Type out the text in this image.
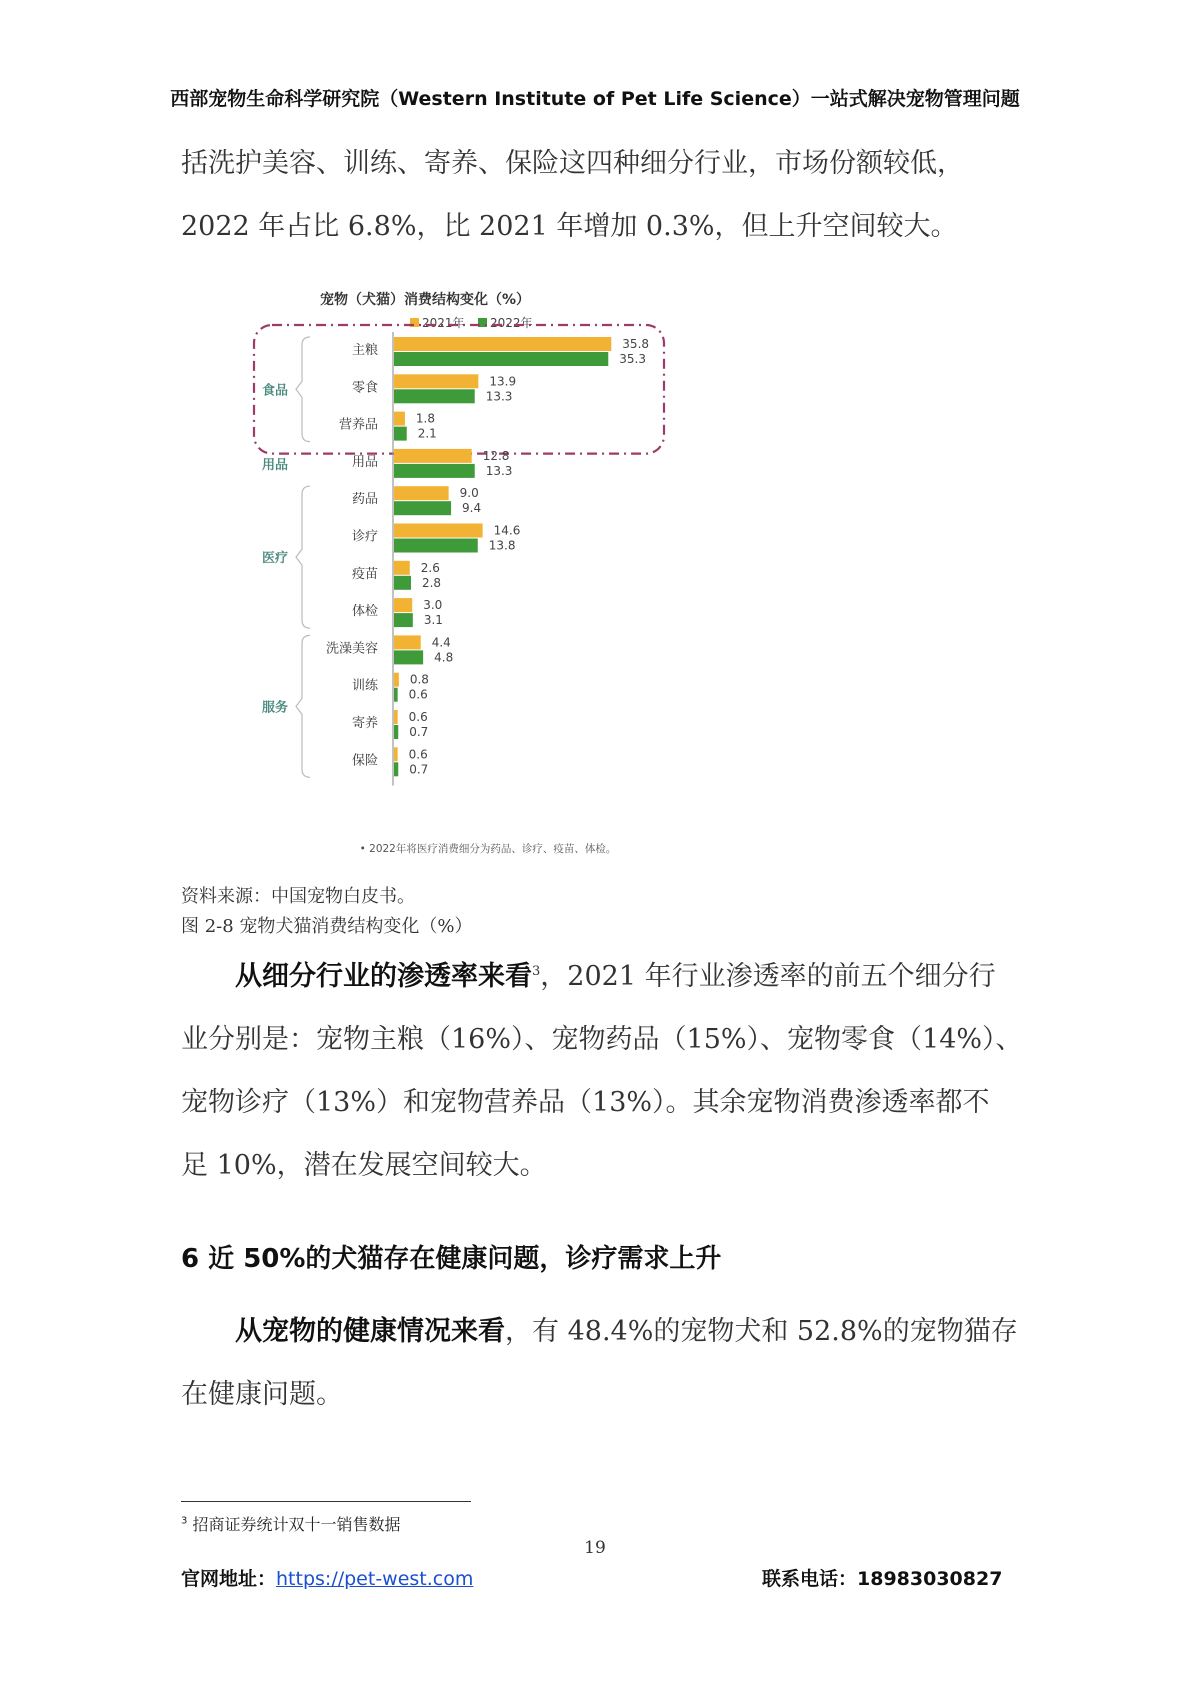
西部宠物生命科学研究院（Western Institute of Pet Life Science）一站式解决宠物管理问题
括洗护美容、训练、寄养、保险这四种细分行业，市场份额较低，
2022 年占比 6.8%，比 2021 年增加 0.3%，但上升空间较大。
宠物（犬猫）消费结构变化（%）
2021年 2022年
食品
用品
医疗
服务
主粮	35.8
35.3
零食	13.9
13.3
营养品	1.8
2.1
用品	12.8
13.3
药品	9.0
9.4
诊疗	14.6
13.8
疫苗	2.6
2.8
体检	3.0
3.1
洗澡美容	4.4
4.8
训练	0.8
0.6
寄养	0.6
0.7
保险	0.6
0.7
• 2022年将医疗消费细分为药品、诊疗、疫苗、体检。
资料来源：中国宠物白皮书。
图 2-8 宠物犬猫消费结构变化（%）
从细分行业的渗透率来看$^3$，2021 年行业渗透率的前五个细分行
业分别是：宠物主粮（16%）、宠物药品（15%）、宠物零食（14%）、
宠物诊疗（13%）和宠物营养品（13%）。其余宠物消费渗透率都不
足 10%，潜在发展空间较大。
6 近 50%的犬猫存在健康问题，诊疗需求上升
从宠物的健康情况来看，有 48.4%的宠物犬和 52.8%的宠物猫存
在健康问题。
$^3$ 招商证券统计双十一销售数据
19
官网地址：https://pet-west.com	联系电话：18983030827
